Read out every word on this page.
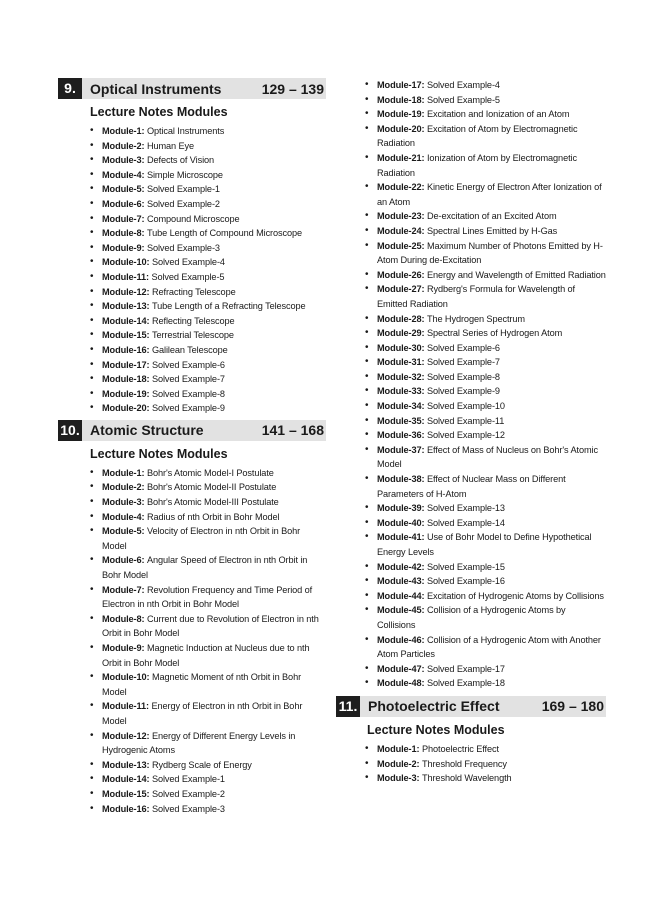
9.	Optical Instruments	129 – 139
Lecture Notes Modules
• Module-1: Optical Instruments
• Module-2: Human Eye
• Module-3: Defects of Vision
• Module-4: Simple Microscope
• Module-5: Solved Example-1
• Module-6: Solved Example-2
• Module-7: Compound Microscope
• Module-8: Tube Length of Compound Microscope
• Module-9: Solved Example-3
• Module-10: Solved Example-4
• Module-11: Solved Example-5
• Module-12: Refracting Telescope
• Module-13: Tube Length of a Refracting Telescope
• Module-14: Reflecting Telescope
• Module-15: Terrestrial Telescope
• Module-16: Galilean Telescope
• Module-17: Solved Example-6
• Module-18: Solved Example-7
• Module-19: Solved Example-8
• Module-20: Solved Example-9
10. Atomic Structure	141 – 168
Lecture Notes Modules
• Module-1: Bohr's Atomic Model-I Postulate
• Module-2: Bohr's Atomic Model-II Postulate
• Module-3: Bohr's Atomic Model-III Postulate
• Module-4: Radius of nth Orbit in Bohr Model
• Module-5: Velocity of Electron in nth Orbit in Bohr Model
• Module-6: Angular Speed of Electron in nth Orbit in Bohr Model
• Module-7: Revolution Frequency and Time Period of Electron in nth Orbit in Bohr Model
• Module-8: Current due to Revolution of Electron in nth Orbit in Bohr Model
• Module-9: Magnetic Induction at Nucleus due to nth Orbit in Bohr Model
• Module-10: Magnetic Moment of nth Orbit in Bohr Model
• Module-11: Energy of Electron in nth Orbit in Bohr Model
• Module-12: Energy of Different Energy Levels in Hydrogenic Atoms
• Module-13: Rydberg Scale of Energy
• Module-14: Solved Example-1
• Module-15: Solved Example-2
• Module-16: Solved Example-3
• Module-17: Solved Example-4
• Module-18: Solved Example-5
• Module-19: Excitation and Ionization of an Atom
• Module-20: Excitation of Atom by Electromagnetic Radiation
• Module-21: Ionization of Atom by Electromagnetic Radiation
• Module-22: Kinetic Energy of Electron After Ionization of an Atom
• Module-23: De-excitation of an Excited Atom
• Module-24: Spectral Lines Emitted by H-Gas
• Module-25: Maximum Number of Photons Emitted by H-Atom During de-Excitation
• Module-26: Energy and Wavelength of Emitted Radiation
• Module-27: Rydberg's Formula for Wavelength of Emitted Radiation
• Module-28: The Hydrogen Spectrum
• Module-29: Spectral Series of Hydrogen Atom
• Module-30: Solved Example-6
• Module-31: Solved Example-7
• Module-32: Solved Example-8
• Module-33: Solved Example-9
• Module-34: Solved Example-10
• Module-35: Solved Example-11
• Module-36: Solved Example-12
• Module-37: Effect of Mass of Nucleus on Bohr's Atomic Model
• Module-38: Effect of Nuclear Mass on Different Parameters of H-Atom
• Module-39: Solved Example-13
• Module-40: Solved Example-14
• Module-41: Use of Bohr Model to Define Hypothetical Energy Levels
• Module-42: Solved Example-15
• Module-43: Solved Example-16
• Module-44: Excitation of Hydrogenic Atoms by Collisions
• Module-45: Collision of a Hydrogenic Atoms by Collisions
• Module-46: Collision of a Hydrogenic Atom with Another Atom Particles
• Module-47: Solved Example-17
• Module-48: Solved Example-18
11. Photoelectric Effect	169 – 180
Lecture Notes Modules
• Module-1: Photoelectric Effect
• Module-2: Threshold Frequency
• Module-3: Threshold Wavelength
